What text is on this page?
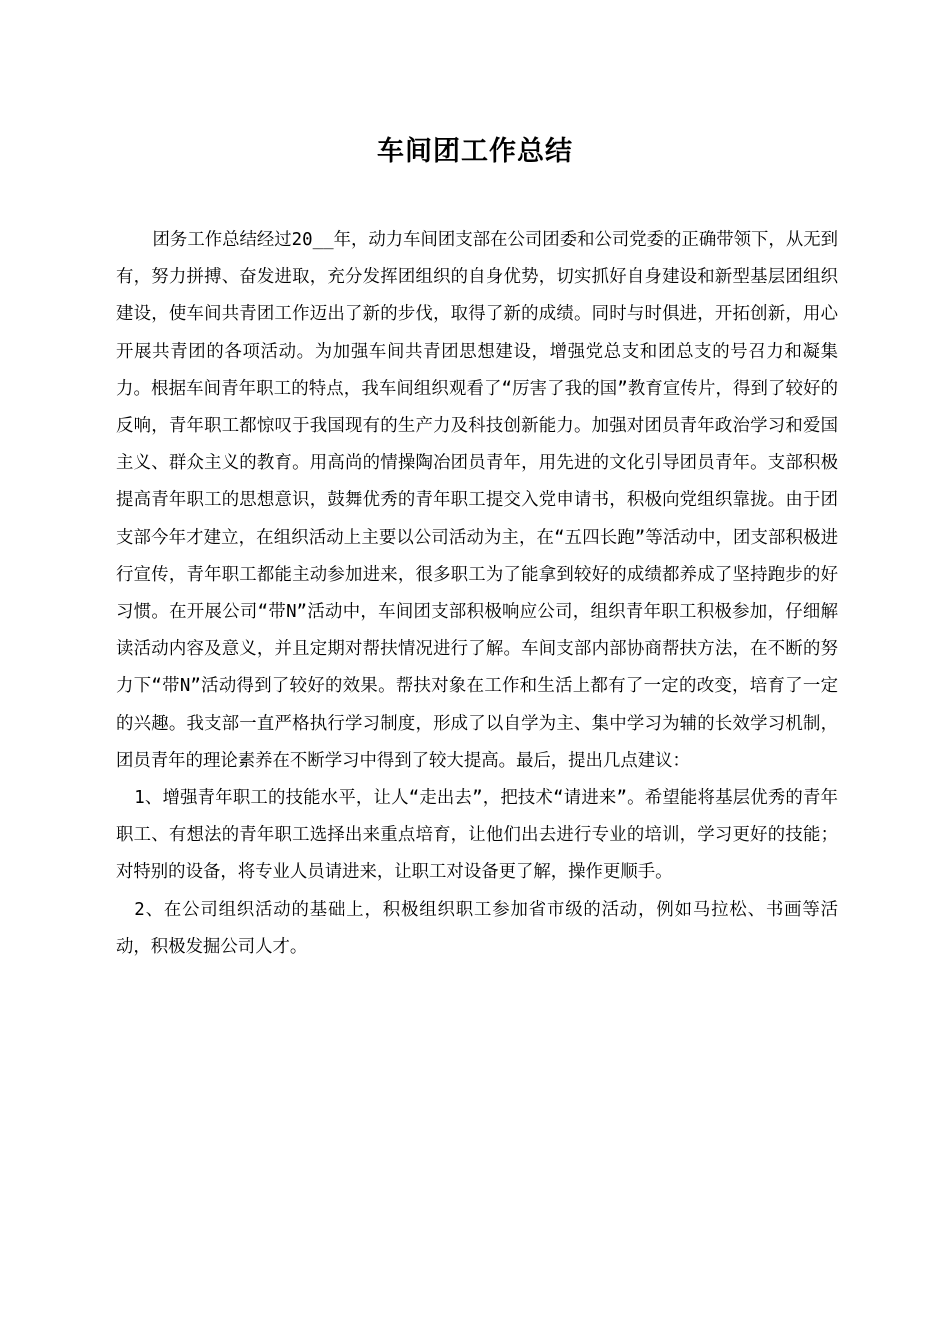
车间团工作总结

团务工作总结经过20__年，动力车间团支部在公司团委和公司党委的正确带领下，从无到有，努力拼搏、奋发进取，充分发挥团组织的自身优势，切实抓好自身建设和新型基层团组织建设，使车间共青团工作迈出了新的步伐，取得了新的成绩。同时与时俱进，开拓创新，用心开展共青团的各项活动。为加强车间共青团思想建设，增强党总支和团总支的号召力和凝集力。根据车间青年职工的特点，我车间组织观看了“厉害了我的国”教育宣传片，得到了较好的反响，青年职工都惊叹于我国现有的生产力及科技创新能力。加强对团员青年政治学习和爱国主义、群众主义的教育。用高尚的情操陶冶团员青年，用先进的文化引导团员青年。支部积极提高青年职工的思想意识，鼓舞优秀的青年职工提交入党申请书，积极向党组织靠拢。由于团支部今年才建立，在组织活动上主要以公司活动为主，在“五四长跑”等活动中，团支部积极进行宣传，青年职工都能主动参加进来，很多职工为了能拿到较好的成绩都养成了坚持跑步的好习惯。在开展公司“带N”活动中，车间团支部积极响应公司，组织青年职工积极参加，仔细解读活动内容及意义，并且定期对帮扶情况进行了解。车间支部内部协商帮扶方法，在不断的努力下“带N”活动得到了较好的效果。帮扶对象在工作和生活上都有了一定的改变，培育了一定的兴趣。我支部一直严格执行学习制度，形成了以自学为主、集中学习为辅的长效学习机制，团员青年的理论素养在不断学习中得到了较大提高。最后，提出几点建议：

1、增强青年职工的技能水平，让人“走出去”，把技术“请进来”。希望能将基层优秀的青年职工、有想法的青年职工选择出来重点培育，让他们出去进行专业的培训，学习更好的技能；对特别的设备，将专业人员请进来，让职工对设备更了解，操作更顺手。

2、在公司组织活动的基础上，积极组织职工参加省市级的活动，例如马拉松、书画等活动，积极发掘公司人才。
